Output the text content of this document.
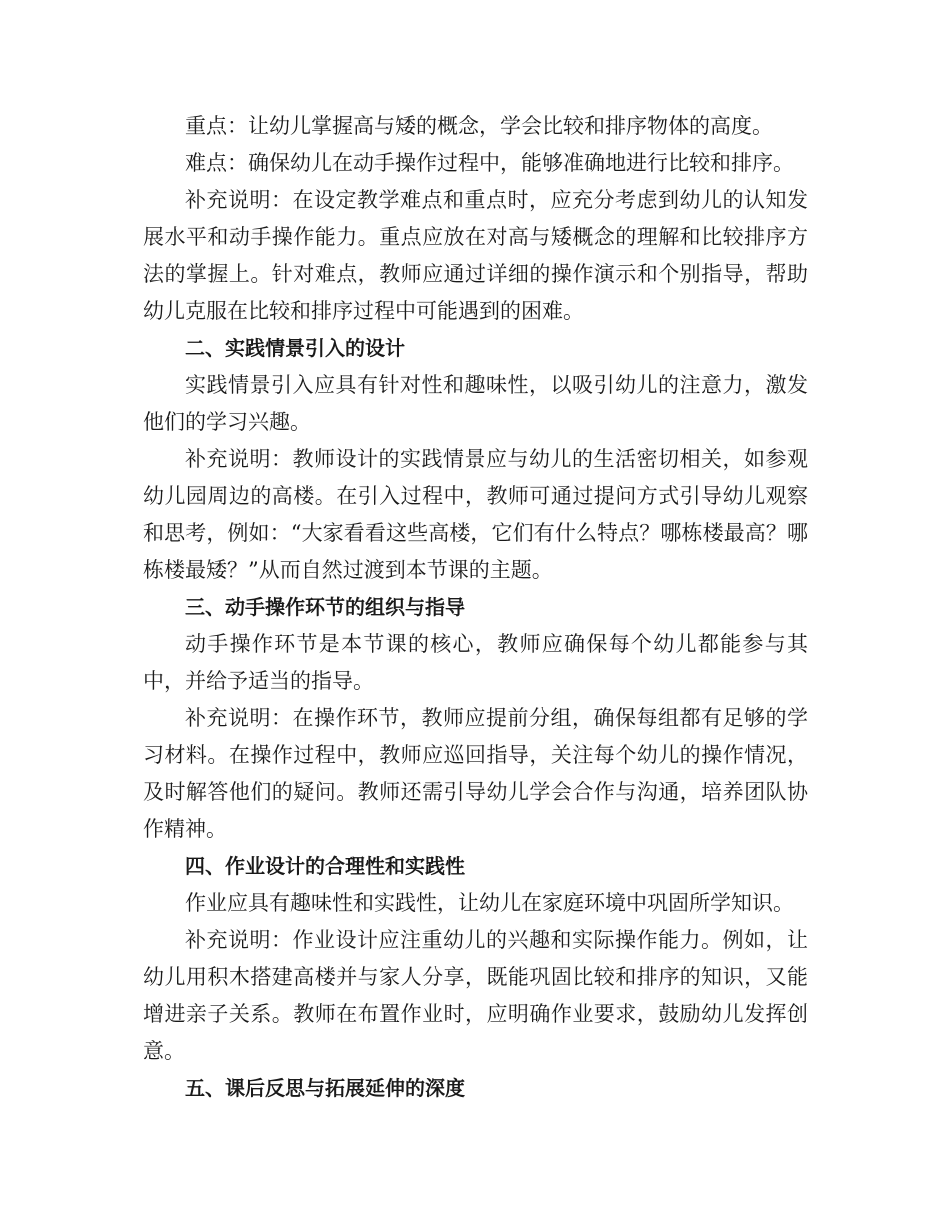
重点：让幼儿掌握高与矮的概念，学会比较和排序物体的高度。

难点：确保幼儿在动手操作过程中，能够准确地进行比较和排序。

补充说明：在设定教学难点和重点时，应充分考虑到幼儿的认知发展水平和动手操作能力。重点应放在对高与矮概念的理解和比较排序方法的掌握上。针对难点，教师应通过详细的操作演示和个别指导，帮助幼儿克服在比较和排序过程中可能遇到的困难。

二、实践情景引入的设计

实践情景引入应具有针对性和趣味性，以吸引幼儿的注意力，激发他们的学习兴趣。

补充说明：教师设计的实践情景应与幼儿的生活密切相关，如参观幼儿园周边的高楼。在引入过程中，教师可通过提问方式引导幼儿观察和思考，例如：“大家看看这些高楼，它们有什么特点？哪栋楼最高？哪栋楼最矮？”从而自然过渡到本节课的主题。

三、动手操作环节的组织与指导

动手操作环节是本节课的核心，教师应确保每个幼儿都能参与其中，并给予适当的指导。

补充说明：在操作环节，教师应提前分组，确保每组都有足够的学习材料。在操作过程中，教师应巡回指导，关注每个幼儿的操作情况，及时解答他们的疑问。教师还需引导幼儿学会合作与沟通，培养团队协作精神。

四、作业设计的合理性和实践性

作业应具有趣味性和实践性，让幼儿在家庭环境中巩固所学知识。

补充说明：作业设计应注重幼儿的兴趣和实际操作能力。例如，让幼儿用积木搭建高楼并与家人分享，既能巩固比较和排序的知识，又能增进亲子关系。教师在布置作业时，应明确作业要求，鼓励幼儿发挥创意。

五、课后反思与拓展延伸的深度
